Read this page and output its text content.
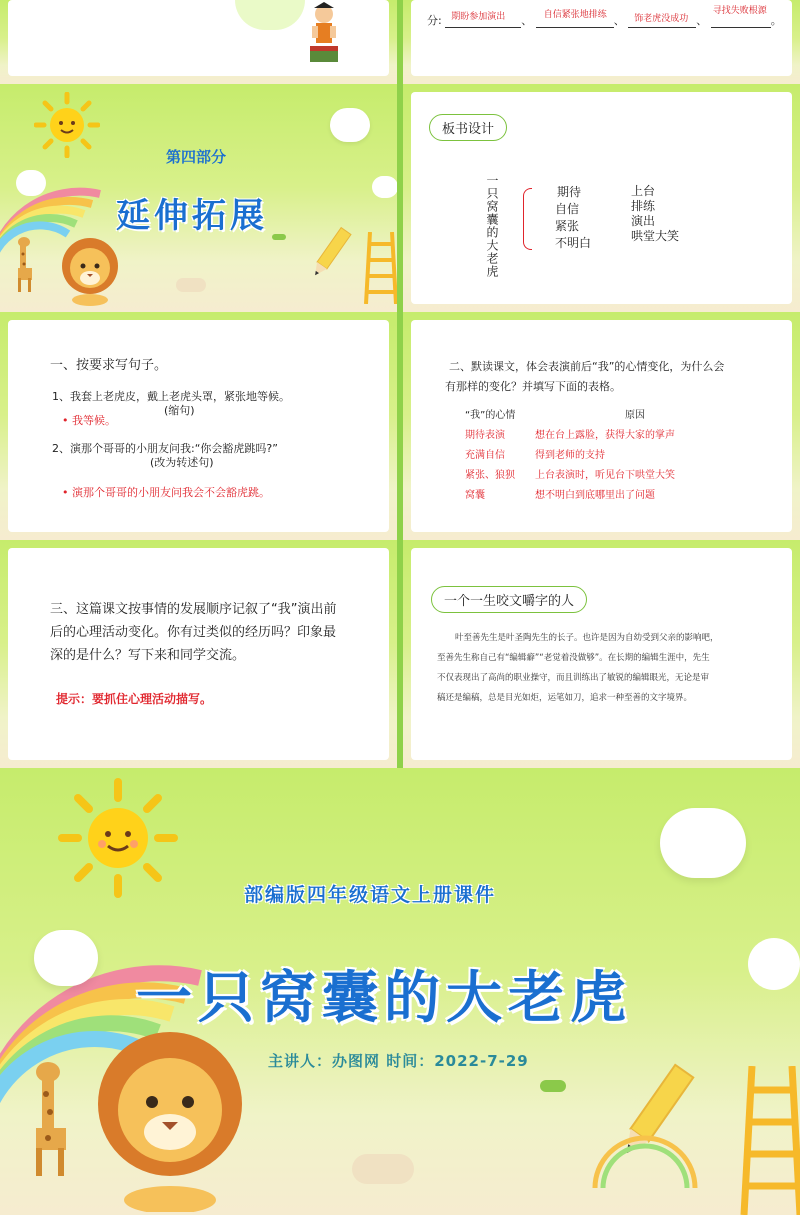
分: 期盼参加演出 、 自信紧张地排练 、 饰老虎没成功 、
寻找失败根源
。
第四部分
延伸拓展
板书设计
一只窝囊的大老虎	期待
自信
紧张
不明白
上台
排练
演出
哄堂大笑
一、按要求写句子。
1、我套上老虎皮，戴上老虎头罩，紧张地等候。
(缩句)
• 我等候。
2、演那个哥哥的小朋友问我:“你会豁虎跳吗?”
(改为转述句)
• 演那个哥哥的小朋友问我会不会豁虎跳。
二、默读课文，体会表演前后“我”的心情变化，为什么会
有那样的变化？并填写下面的表格。
“我”的心情	原因
期待表演	想在台上露脸，获得大家的掌声
充满自信	得到老师的支持
紧张、狼狈	上台表演时，听见台下哄堂大笑
窝囊	想不明白到底哪里出了问题
三、这篇课文按事情的发展顺序记叙了“我”演出前
后的心理活动变化。你有过类似的经历吗？印象最
深的是什么？写下来和同学交流。
提示：要抓住心理活动描写。
一个一生咬文嚼字的人
叶至善先生是叶圣陶先生的长子。也许是因为自幼受到父亲的影响吧，
至善先生称自己有“编辑癖”“老觉着没做够”。在长期的编辑生涯中，先生
不仅表现出了高尚的职业操守，而且训练出了敏锐的编辑眼光，无论是审
稿还是编稿，总是目光如炬，运笔如刀，追求一种至善的文字境界。
部编版四年级语文上册课件
一只窝囊的大老虎
主讲人：办图网 时间：2022-7-29
